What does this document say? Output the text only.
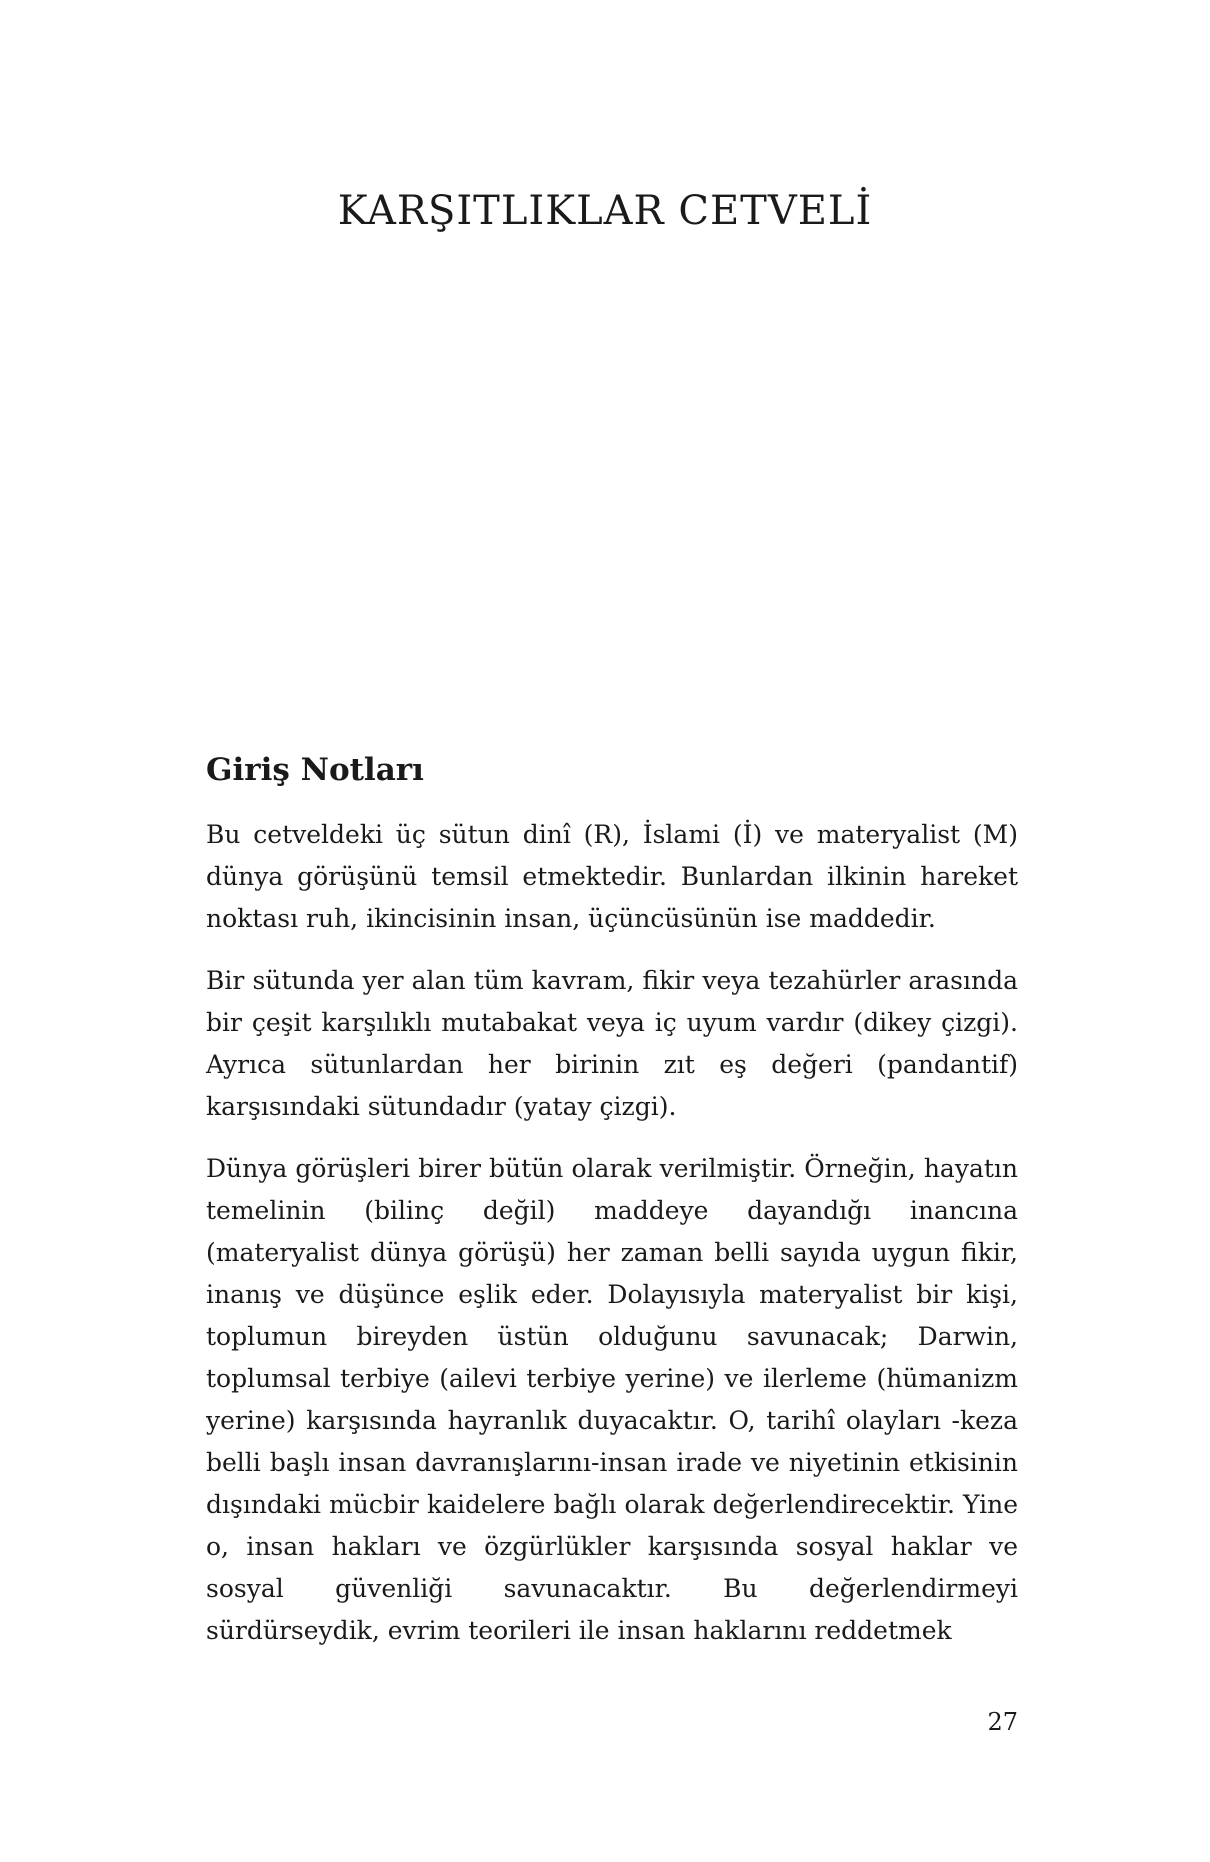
KARŞITLIKLAR CETVELİ
Giriş Notları

Bu cetveldeki üç sütun dinî (R), İslami (İ) ve materyalist (M) dünya görüşünü temsil etmektedir. Bunlardan ilkinin hareket noktası ruh, ikincisinin insan, üçüncüsünün ise maddedir.

Bir sütunda yer alan tüm kavram, fikir veya tezahürler arasında bir çeşit karşılıklı mutabakat veya iç uyum vardır (dikey çizgi). Ayrıca sütunlardan her birinin zıt eş değeri (pandantif) karşısındaki sütundadır (yatay çizgi).

Dünya görüşleri birer bütün olarak verilmiştir. Örneğin, hayatın temelinin (bilinç değil) maddeye dayandığı inancına (materyalist dünya görüşü) her zaman belli sayıda uygun fikir, inanış ve düşünce eşlik eder. Dolayısıyla materyalist bir kişi, toplumun bireyden üstün olduğunu savunacak; Darwin, toplumsal terbiye (ailevi terbiye yerine) ve ilerleme (hümanizm yerine) karşısında hayranlık duyacaktır. O, tarihî olayları -keza belli başlı insan davranışlarını-insan irade ve niyetinin etkisinin dışındaki mücbir kaidelere bağlı olarak değerlendirecektir. Yine o, insan hakları ve özgürlükler karşısında sosyal haklar ve sosyal güvenliği savunacaktır. Bu değerlendirmeyi sürdürseydik, evrim teorileri ile insan haklarını reddetmek

27
